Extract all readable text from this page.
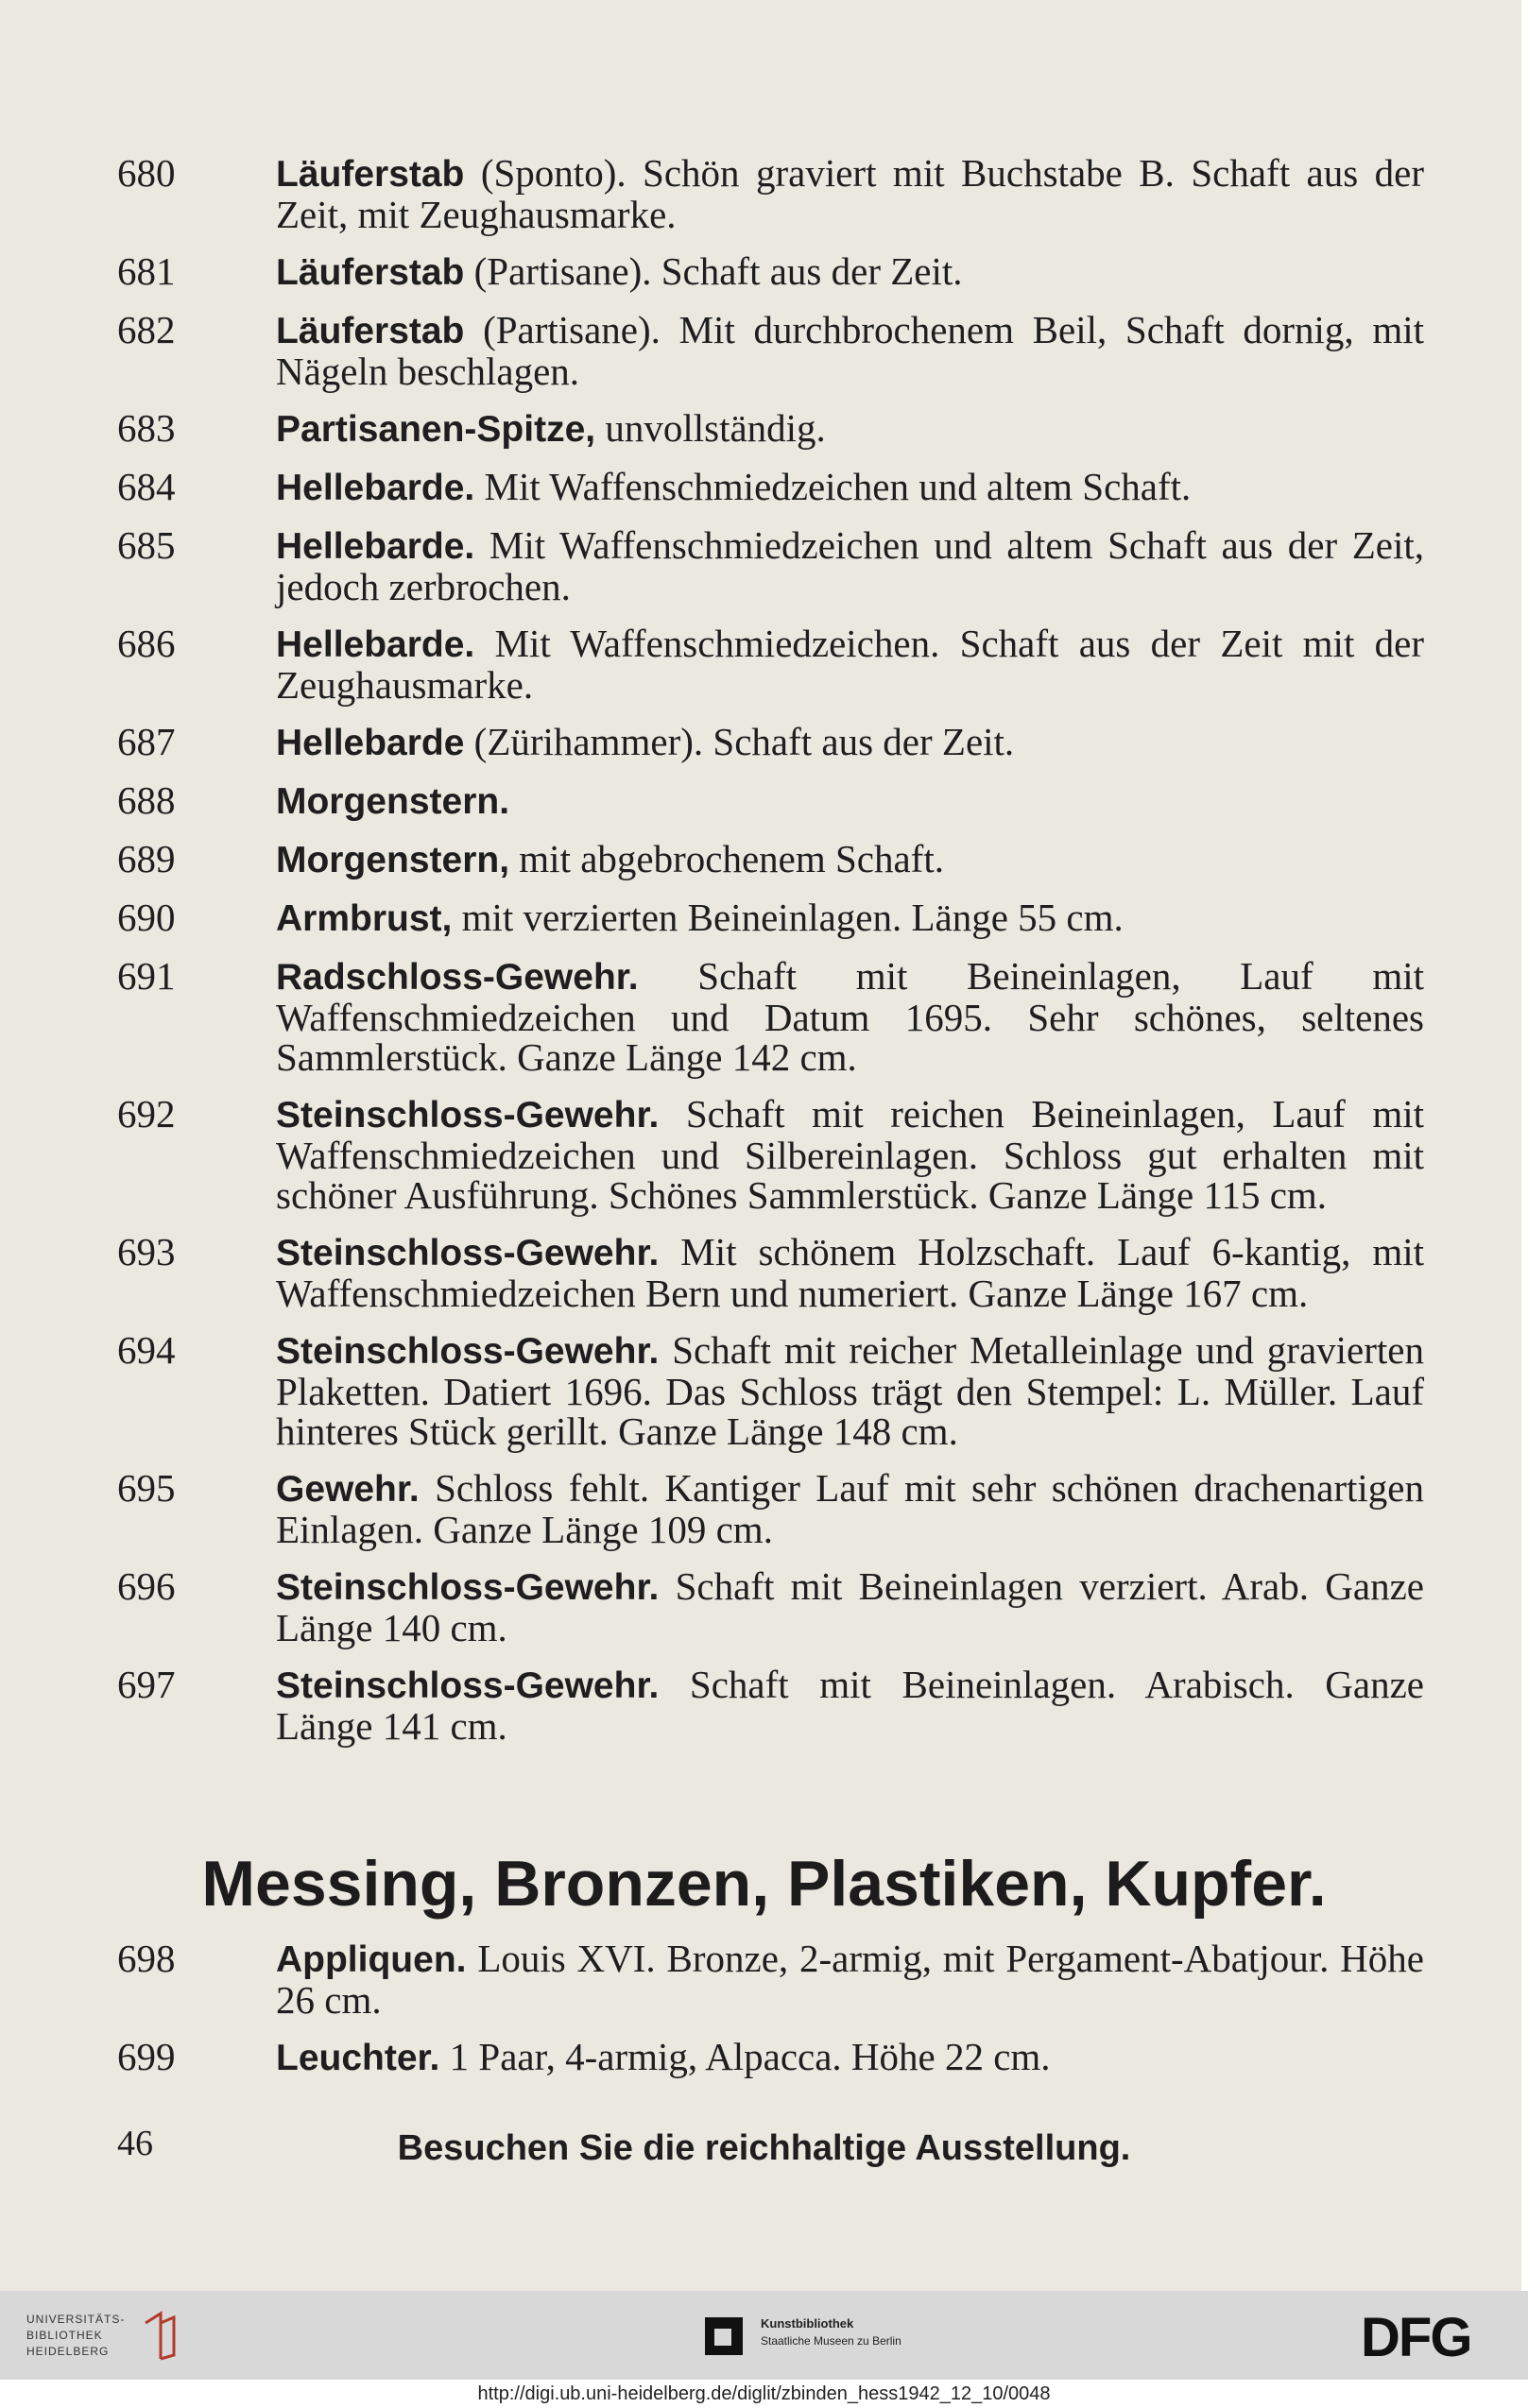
680	Läuferstab (Sponto). Schön graviert mit Buchstabe B. Schaft aus der Zeit, mit Zeughausmarke.
681	Läuferstab (Partisane). Schaft aus der Zeit.
682	Läuferstab (Partisane). Mit durchbrochenem Beil, Schaft dornig, mit Nägeln beschlagen.
683	Partisanen-Spitze, unvollständig.
684	Hellebarde. Mit Waffenschmiedzeichen und altem Schaft.
685	Hellebarde. Mit Waffenschmiedzeichen und altem Schaft aus der Zeit, jedoch zerbrochen.
686	Hellebarde. Mit Waffenschmiedzeichen. Schaft aus der Zeit mit der Zeughausmarke.
687	Hellebarde (Zürihammer). Schaft aus der Zeit.
688	Morgenstern.
689	Morgenstern, mit abgebrochenem Schaft.
690	Armbrust, mit verzierten Beineinlagen. Länge 55 cm.
691	Radschloss-Gewehr. Schaft mit Beineinlagen, Lauf mit Waffenschmiedzeichen und Datum 1695. Sehr schönes, seltenes Sammlerstück. Ganze Länge 142 cm.
692	Steinschloss-Gewehr. Schaft mit reichen Beineinlagen, Lauf mit Waffenschmiedzeichen und Silbereinlagen. Schloss gut erhalten mit schöner Ausführung. Schönes Sammlerstück. Ganze Länge 115 cm.
693	Steinschloss-Gewehr. Mit schönem Holzschaft. Lauf 6-kantig, mit Waffenschmiedzeichen Bern und numeriert. Ganze Länge 167 cm.
694	Steinschloss-Gewehr. Schaft mit reicher Metalleinlage und gravierten Plaketten. Datiert 1696. Das Schloss trägt den Stempel: L. Müller. Lauf hinteres Stück gerillt. Ganze Länge 148 cm.
695	Gewehr. Schloss fehlt. Kantiger Lauf mit sehr schönen drachenartigen Einlagen. Ganze Länge 109 cm.
696	Steinschloss-Gewehr. Schaft mit Beineinlagen verziert. Arab. Ganze Länge 140 cm.
697	Steinschloss-Gewehr. Schaft mit Beineinlagen. Arabisch. Ganze Länge 141 cm.
Messing, Bronzen, Plastiken, Kupfer.
698	Appliquen. Louis XVI. Bronze, 2-armig, mit Pergament-Abatjour. Höhe 26 cm.
699	Leuchter. 1 Paar, 4-armig, Alpacca. Höhe 22 cm.
Besuchen Sie die reichhaltige Ausstellung.
46
UNIVERSITÄTS-
BIBLIOTHEK
HEIDELBERG
Kunstbibliothek
Staatliche Museen zu Berlin	DFG
http://digi.ub.uni-heidelberg.de/diglit/zbinden_hess1942_12_10/0048
